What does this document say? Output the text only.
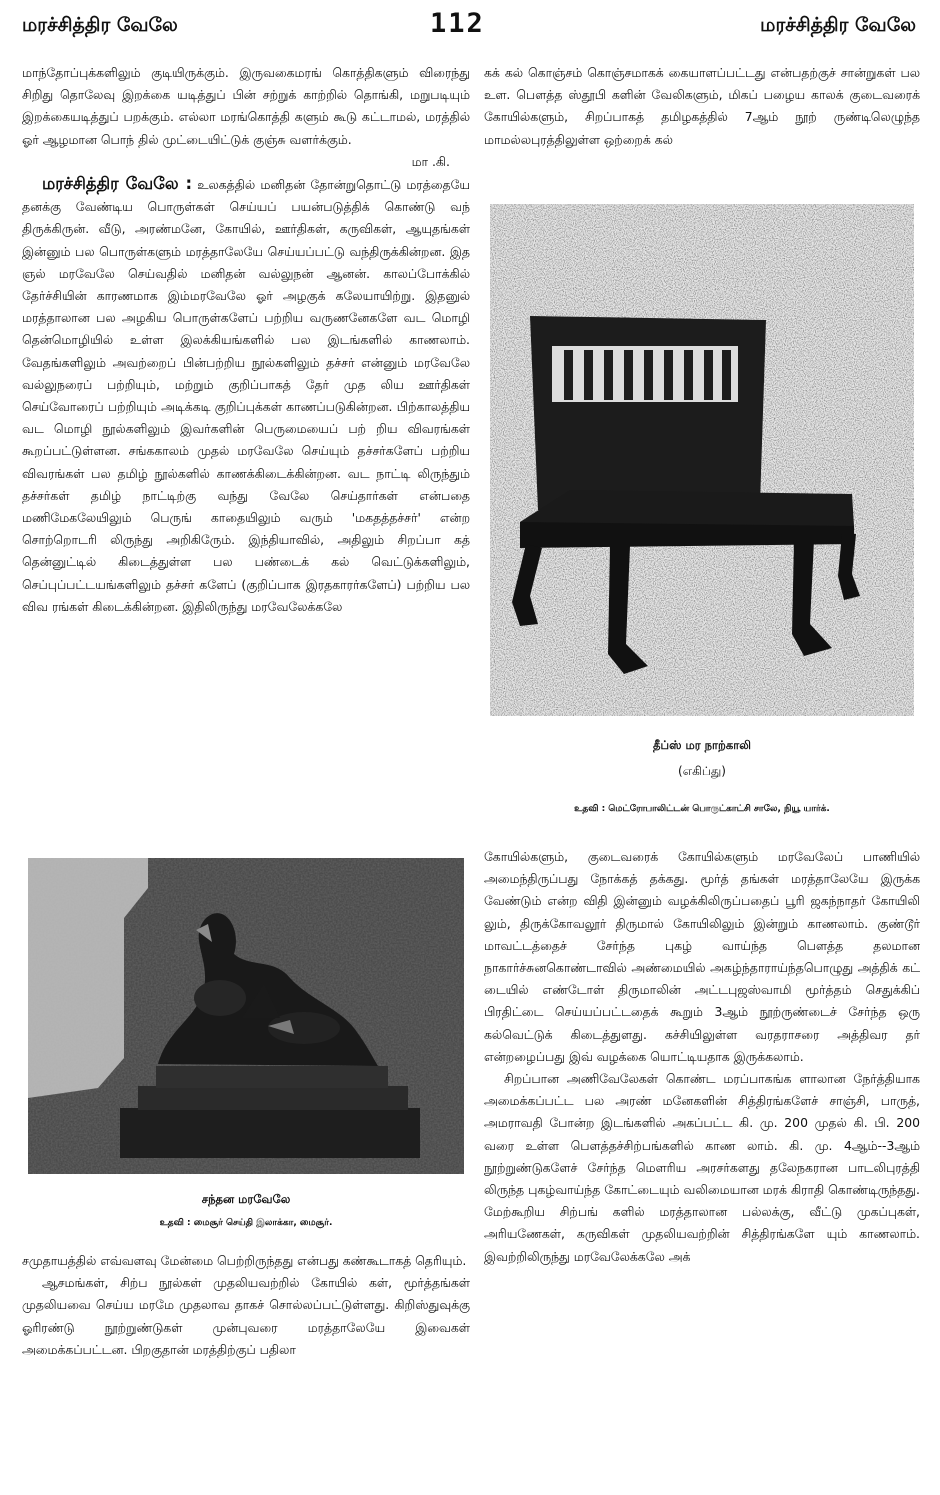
மரச்சித்திர வேலே	112	மரச்சித்திர வேலே

மாந்தோப்புக்களிலும் குடியிருக்கும். இருவகைமரங் கொத்திகளும் விரைந்து சிறிது தொலேவு இறக்கை யடித்துப் பின் சற்றுக் காற்றில் தொங்கி, மறுபடியும் இறக்கையடித்துப் பறக்கும். எல்லா மரங்கொத்தி களும் கூடு கட்டாமல், மரத்தில் ஓர் ஆழமான பொந் தில் முட்டையிட்டுக் குஞ்சு வளர்க்கும்.

மா .கி.

மரச்சித்திர வேலே : உலகத்தில் மனிதன் தோன்றுதொட்டு மரத்தையே தனக்கு வேண்டிய பொருள்கள் செய்யப் பயன்படுத்திக் கொண்டு வந் திருக்கிருன். வீடு, அரண்மனே, கோயில், ஊர்திகள், கருவிகள், ஆயுதங்கள் இன்னும் பல பொருள்களும் மரத்தாலேயே செய்யப்பட்டு வந்திருக்கின்றன. இத ஞல் மரவேலே செய்வதில் மனிதன் வல்லுநன் ஆனன். காலப்போக்கில் தேர்ச்சியின் காரணமாக இம்மரவேலே ஓர் அழகுக் கலேயாயிற்று. இதனுல் மரத்தாலான பல அழகிய பொருள்களேப் பற்றிய வருணனேகளே வட மொழி தென்மொழியில் உள்ள இலக்கியங்களில் பல இடங்களில் காணலாம். வேதங்களிலும் அவற்றைப் பின்பற்றிய நூல்களிலும் தச்சர் என்னும் மரவேலே வல்லுநரைப் பற்றியும், மற்றும் குறிப்பாகத் தேர் முத லிய ஊர்திகள் செய்வோரைப் பற்றியும் அடிக்கடி குறிப்புக்கள் காணப்படுகின்றன. பிற்காலத்திய வட மொழி நூல்களிலும் இவர்களின் பெருமையைப் பற் றிய விவரங்கள் கூறப்பட்டுள்ளன. சங்ககாலம் முதல் மரவேலே செய்யும் தச்சர்களேப் பற்றிய விவரங்கள் பல தமிழ் நூல்களில் காணக்கிடைக்கின்றன. வட நாட்டி லிருந்தும் தச்சர்கள் தமிழ் நாட்டிற்கு வந்து வேலே செய்தார்கள் என்பதை மணிமேகலேயிலும் பெருங் காதையிலும் வரும் 'மகதத்தச்சர்' என்ற சொற்றொடரி லிருந்து அறிகிருேம். இந்தியாவில், அதிலும் சிறப்பா கத் தென்னுட்டில் கிடைத்துள்ள பல பண்டைக் கல் வெட்டுக்களிலும், செப்புப்பட்டயங்களிலும் தச்சர் களேப் (குறிப்பாக இரதகாரர்களேப்) பற்றிய பல விவ ரங்கள் கிடைக்கின்றன. இதிலிருந்து மரவேலேக்கலே

கக் கல் கொஞ்சம் கொஞ்சமாகக் கையாளப்பட்டது என்பதற்குச் சான்றுகள் பல உள. பௌத்த ஸ்தூபி களின் வேலிகளும், மிகப் பழைய காலக் குடைவரைக் கோயில்களும், சிறப்பாகத் தமிழகத்தில் 7ஆம் நூற் ருண்டிலெழுந்த மாமல்லபுரத்திலுள்ள ஒற்றைக் கல்

தீப்ஸ் மர நாற்காலி
(எகிப்து)
உதவி : மெட்ரோபாலிட்டன் பொருட்காட்சி சாலே, நியூ யார்க்.
சந்தன மரவேலே
உதவி : மைசூர் செய்தி இலாக்கா, மைசூர்.

சமுதாயத்தில் எவ்வளவு மேன்மை பெற்றிருந்தது என்பது கண்கூடாகத் தெரியும்.

ஆசமங்கள், சிற்ப நூல்கள் முதலியவற்றில் கோயில் கள், மூர்த்தங்கள் முதலியவை செய்ய மரமே முதலாவ தாகச் சொல்லப்பட்டுள்ளது. கிறிஸ்துவுக்கு ஓரிரண்டு நூற்றுண்டுகள் முன்புவரை மரத்தாலேயே இவைகள் அமைக்கப்பட்டன. பிறகுதான் மரத்திற்குப் பதிலா

கோயில்களும், குடைவரைக் கோயில்களும் மரவேலேப் பாணியில் அமைந்திருப்பது நோக்கத் தக்கது. மூர்த் தங்கள் மரத்தாலேயே இருக்க வேண்டும் என்ற விதி இன்னும் வழக்கிலிருப்பதைப் பூரி ஜகந்நாதர் கோயிலி லும், திருக்கோவலூர் திருமால் கோயிலிலும் இன்றும் காணலாம். குண்டூர் மாவட்டத்தைச் சேர்ந்த புகழ் வாய்ந்த பௌத்த தலமான நாகார்ச்சுனகொண்டாவில் அண்மையில் அகழ்ந்தாராய்ந்தபொழுது அத்திக் கட் டையில் எண்டோள் திருமாலின் அட்டபுஜஸ்வாமி மூர்த்தம் செதுக்கிப் பிரதிட்டை செய்யப்பட்டதைக் கூறும் 3ஆம் நூற்ருண்டைச் சேர்ந்த ஒரு கல்வெட்டுக் கிடைத்துளது. கச்சியிலுள்ள வரதராசரை அத்திவர தர் என்றழைப்பது இவ் வழக்கை யொட்டியதாக இருக்கலாம்.

சிறப்பான அணிவேலேகள் கொண்ட மரப்பாகங்க ளாலான நேர்த்தியாக அமைக்கப்பட்ட பல அரண் மனேகளின் சித்திரங்களேச் சாஞ்சி, பாருத், அமராவதி போன்ற இடங்களில் அகப்பட்ட கி. மு. 200 முதல் கி. பி. 200 வரை உள்ள பௌத்தச்சிற்பங்களில் காண லாம். கி. மு. 4ஆம்--3ஆம் நூற்றுண்டுகளேச் சேர்ந்த மௌரிய அரசர்களது தலேநகரான பாடலிபுரத்தி லிருந்த புகழ்வாய்ந்த கோட்டையும் வலிமையான மரக் கிராதி கொண்டிருந்தது. மேற்கூறிய சிற்பங் களில் மரத்தாலான பல்லக்கு, வீட்டு முகப்புகள், அரியணேகள், கருவிகள் முதலியவற்றின் சித்திரங்களே யும் காணலாம். இவற்றிலிருந்து மரவேலேக்கலே அக்
